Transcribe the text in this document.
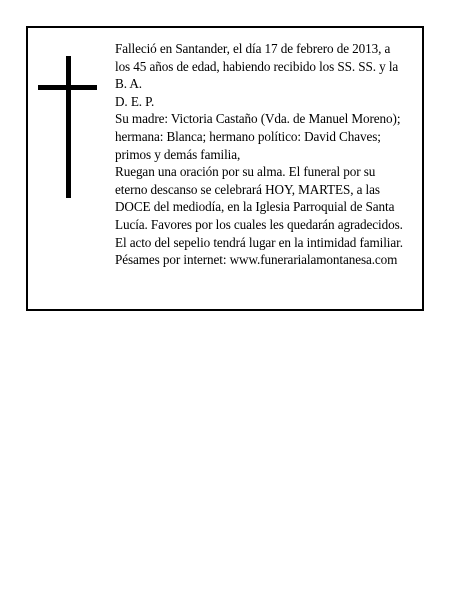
Falleció en Santander, el día 17 de febrero de 2013, a
los 45 años de edad, habiendo recibido los SS. SS. y la
B. A.
D. E. P.
Su madre: Victoria Castaño (Vda. de Manuel Moreno);
hermana: Blanca; hermano político: David Chaves;
primos y demás familia,
Ruegan una oración por su alma. El funeral por su
eterno descanso se celebrará HOY, MARTES, a las
DOCE del mediodía, en la Iglesia Parroquial de Santa
Lucía. Favores por los cuales les quedarán agradecidos.
El acto del sepelio tendrá lugar en la intimidad familiar.
Pésames por internet: www.funerarialamontanesa.com
